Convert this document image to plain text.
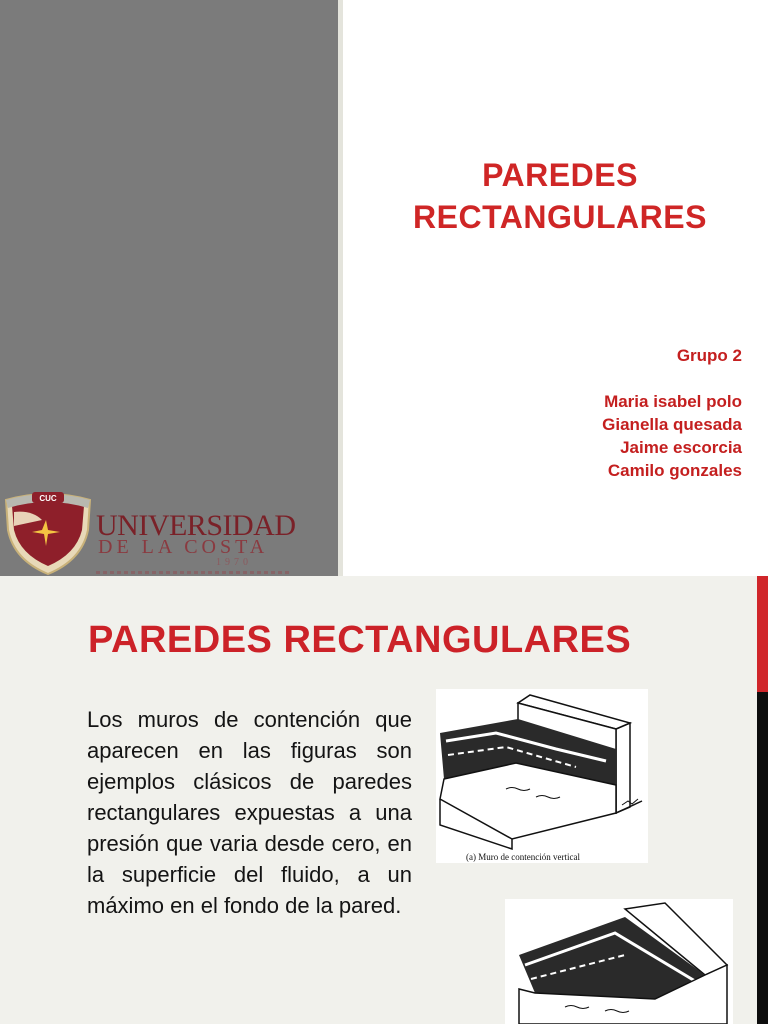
PAREDES
RECTANGULARES
Grupo 2
Maria isabel polo
Gianella quesada
Jaime escorcia
Camilo gonzales
CUC
UNIVERSIDAD
DE LA COSTA
1970
PAREDES RECTANGULARES
Los muros de contención que aparecen en las figuras son ejemplos clásicos de paredes rectangulares expuestas a una presión que varia desde cero, en la superficie del fluido, a un máximo en el fondo de la pared.
(a) Muro de contención vertical
